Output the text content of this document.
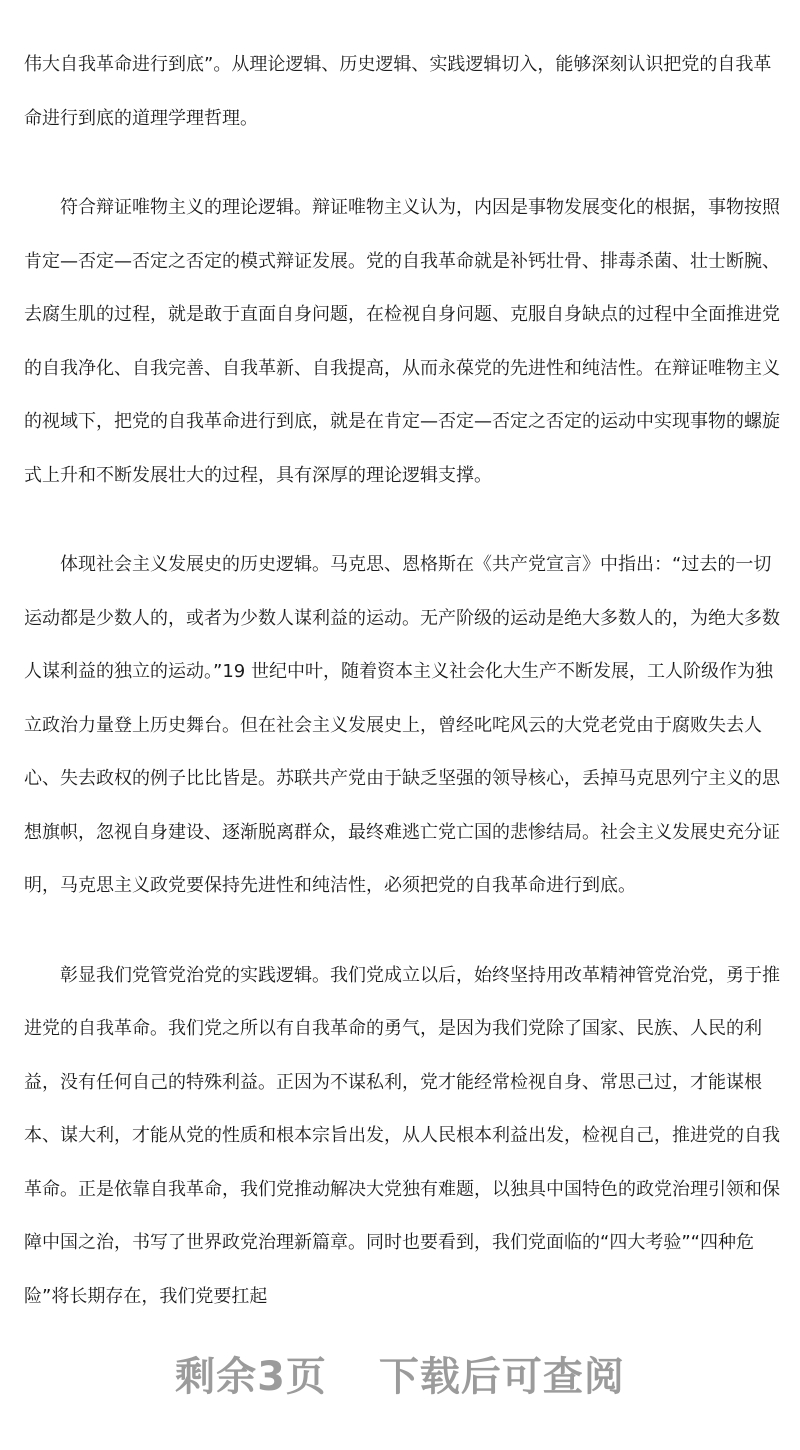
伟大自我革命进行到底”。从理论逻辑、历史逻辑、实践逻辑切入，能够深刻认识把党的自我革命进行到底的道理学理哲理。

符合辩证唯物主义的理论逻辑。辩证唯物主义认为，内因是事物发展变化的根据，事物按照肯定—否定—否定之否定的模式辩证发展。党的自我革命就是补钙壮骨、排毒杀菌、壮士断腕、去腐生肌的过程，就是敢于直面自身问题，在检视自身问题、克服自身缺点的过程中全面推进党的自我净化、自我完善、自我革新、自我提高，从而永葆党的先进性和纯洁性。在辩证唯物主义的视域下，把党的自我革命进行到底，就是在肯定—否定—否定之否定的运动中实现事物的螺旋式上升和不断发展壮大的过程，具有深厚的理论逻辑支撑。

体现社会主义发展史的历史逻辑。马克思、恩格斯在《共产党宣言》中指出：“过去的一切运动都是少数人的，或者为少数人谋利益的运动。无产阶级的运动是绝大多数人的，为绝大多数人谋利益的独立的运动。”19 世纪中叶，随着资本主义社会化大生产不断发展，工人阶级作为独立政治力量登上历史舞台。但在社会主义发展史上，曾经叱咤风云的大党老党由于腐败失去人心、失去政权的例子比比皆是。苏联共产党由于缺乏坚强的领导核心，丢掉马克思列宁主义的思想旗帜，忽视自身建设、逐渐脱离群众，最终难逃亡党亡国的悲惨结局。社会主义发展史充分证明，马克思主义政党要保持先进性和纯洁性，必须把党的自我革命进行到底。

彰显我们党管党治党的实践逻辑。我们党成立以后，始终坚持用改革精神管党治党，勇于推进党的自我革命。我们党之所以有自我革命的勇气，是因为我们党除了国家、民族、人民的利益，没有任何自己的特殊利益。正因为不谋私利，党才能经常检视自身、常思己过，才能谋根本、谋大利，才能从党的性质和根本宗旨出发，从人民根本利益出发，检视自己，推进党的自我革命。正是依靠自我革命，我们党推动解决大党独有难题，以独具中国特色的政党治理引领和保障中国之治，书写了世界政党治理新篇章。同时也要看到，我们党面临的“四大考验”“四种危险”将长期存在，我们党要扛起

剩余3页 下载后可查阅
